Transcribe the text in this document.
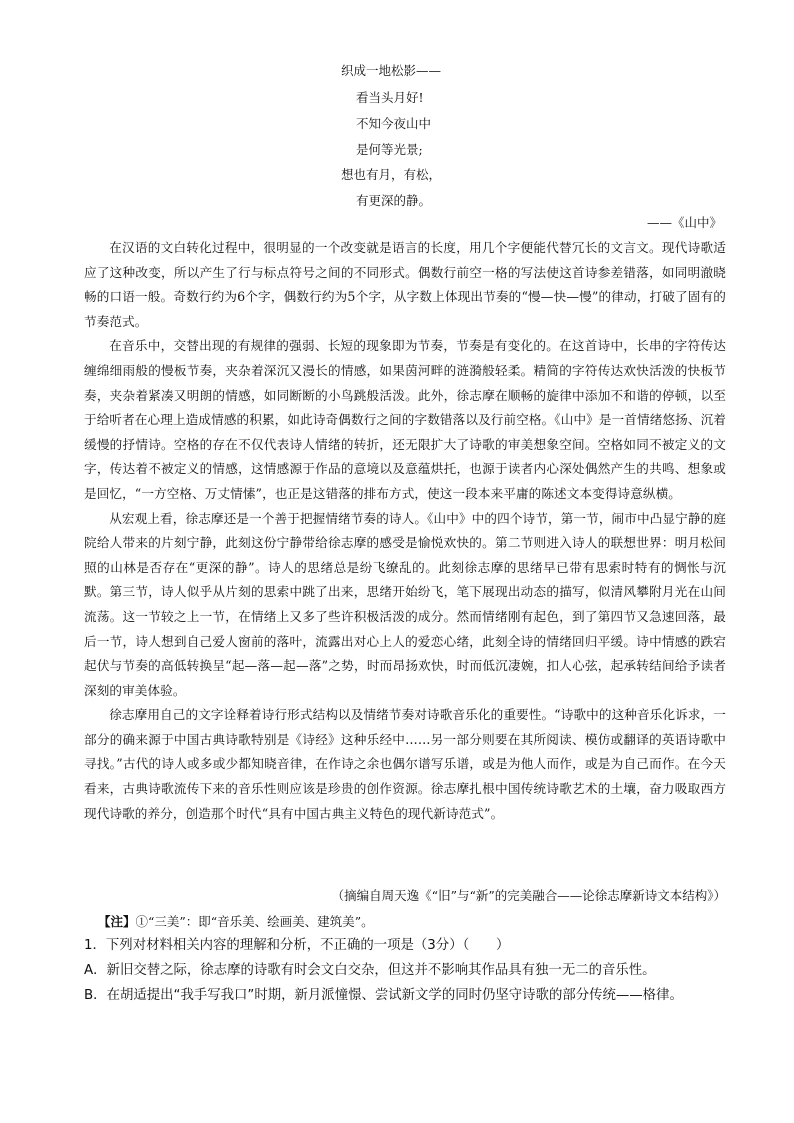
织成一地松影——
看当头月好!
不知今夜山中
是何等光景;
想也有月，有松，
有更深的静。
——《山中》

在汉语的文白转化过程中，很明显的一个改变就是语言的长度，用几个字便能代替冗长的文言文。现代诗歌适应了这种改变，所以产生了行与标点符号之间的不同形式。偶数行前空一格的写法使这首诗参差错落，如同明澈晓畅的口语一般。奇数行约为6个字，偶数行约为5个字，从字数上体现出节奏的“慢—快—慢”的律动，打破了固有的节奏范式。

在音乐中，交替出现的有规律的强弱、长短的现象即为节奏，节奏是有变化的。在这首诗中，长串的字符传达缠绵细雨般的慢板节奏，夹杂着深沉又漫长的情感，如果茵河畔的涟漪般轻柔。精简的字符传达欢快活泼的快板节奏，夹杂着紧凑又明朗的情感，如同断断的小鸟跳般活泼。此外，徐志摩在顺畅的旋律中添加不和谐的停顿，以至于给听者在心理上造成情感的积累，如此诗奇偶数行之间的字数错落以及行前空格。《山中》是一首情绪悠扬、沉着缓慢的抒情诗。空格的存在不仅代表诗人情绪的转折，还无限扩大了诗歌的审美想象空间。空格如同不被定义的文字，传达着不被定义的情感，这情感源于作品的意境以及意蕴烘托，也源于读者内心深处偶然产生的共鸣、想象或是回忆，“一方空格、万丈情愫”，也正是这错落的排布方式，使这一段本来平庸的陈述文本变得诗意纵横。

从宏观上看，徐志摩还是一个善于把握情绪节奏的诗人。《山中》中的四个诗节，第一节，闹市中凸显宁静的庭院给人带来的片刻宁静，此刻这份宁静带给徐志摩的感受是愉悦欢快的。第二节则进入诗人的联想世界：明月松间照的山林是否存在“更深的静”。诗人的思绪总是纷飞缭乱的。此刻徐志摩的思绪早已带有思索时特有的惆怅与沉默。第三节，诗人似乎从片刻的思索中跳了出来，思绪开始纷飞，笔下展现出动态的描写，似清风攀附月光在山间流荡。这一节较之上一节，在情绪上又多了些许积极活泼的成分。然而情绪刚有起色，到了第四节又急速回落，最后一节，诗人想到自己爱人窗前的落叶，流露出对心上人的爱恋心绪，此刻全诗的情绪回归平缓。诗中情感的跌宕起伏与节奏的高低转换呈“起—落—起—落”之势，时而昂扬欢快，时而低沉凄婉，扣人心弦，起承转结间给予读者深刻的审美体验。

徐志摩用自己的文字诠释着诗行形式结构以及情绪节奏对诗歌音乐化的重要性。“诗歌中的这种音乐化诉求，一部分的确来源于中国古典诗歌特别是《诗经》这种乐经中……另一部分则要在其所阅读、模仿或翻译的英语诗歌中寻找。”古代的诗人或多或少都知晓音律，在作诗之余也偶尔谱写乐谱，或是为他人而作，或是为自己而作。在今天看来，古典诗歌流传下来的音乐性则应该是珍贵的创作资源。徐志摩扎根中国传统诗歌艺术的土壤，奋力吸取西方现代诗歌的养分，创造那个时代“具有中国古典主义特色的现代新诗范式”。

（摘编自周天逸《“旧”与“新”的完美融合——论徐志摩新诗文本结构》）
【注】①“三美”：即“音乐美、绘画美、建筑美”。
1．下列对材料相关内容的理解和分析，不正确的一项是（3分）（　　）
A．新旧交替之际，徐志摩的诗歌有时会文白交杂，但这并不影响其作品具有独一无二的音乐性。
B．在胡适提出“我手写我口”时期，新月派憧憬、尝试新文学的同时仍坚守诗歌的部分传统——格律。
